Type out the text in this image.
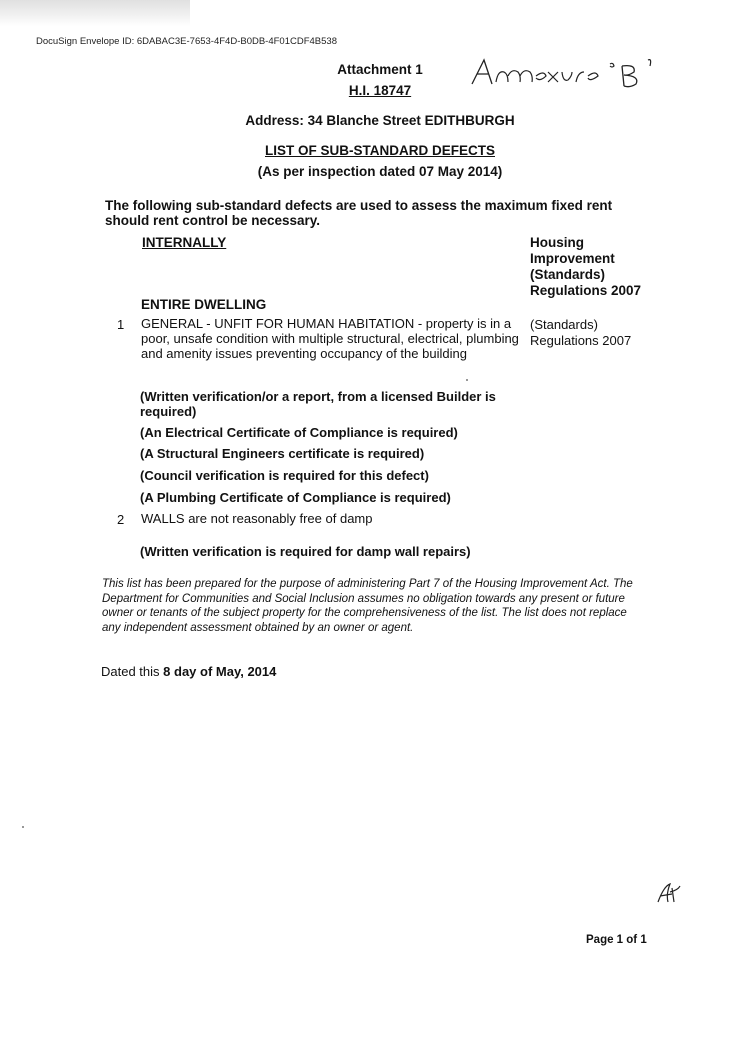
DocuSign Envelope ID: 6DABAC3E-7653-4F4D-B0DB-4F01CDF4B538
Attachment 1
H.I. 18747
Address: 34 Blanche Street EDITHBURGH
LIST OF SUB-STANDARD DEFECTS
(As per inspection dated 07 May 2014)
The following sub-standard defects are used to assess the maximum fixed rent should rent control be necessary.
INTERNALLY	Housing Improvement (Standards) Regulations 2007
ENTIRE DWELLING
1 GENERAL - UNFIT FOR HUMAN HABITATION - property is in a poor, unsafe condition with multiple structural, electrical, plumbing and amenity issues preventing occupancy of the building
(Standards) Regulations 2007
(Written verification/or a report, from a licensed Builder is required)
(An Electrical Certificate of Compliance is required)
(A Structural Engineers certificate is required)
(Council verification is required for this defect)
(A Plumbing Certificate of Compliance is required)
2 WALLS are not reasonably free of damp
(Written verification is required for damp wall repairs)
This list has been prepared for the purpose of administering Part 7 of the Housing Improvement Act. The Department for Communities and Social Inclusion assumes no obligation towards any present or future owner or tenants of the subject property for the comprehensiveness of the list. The list does not replace any independent assessment obtained by an owner or agent.
Dated this 8 day of May, 2014
Page 1 of 1
